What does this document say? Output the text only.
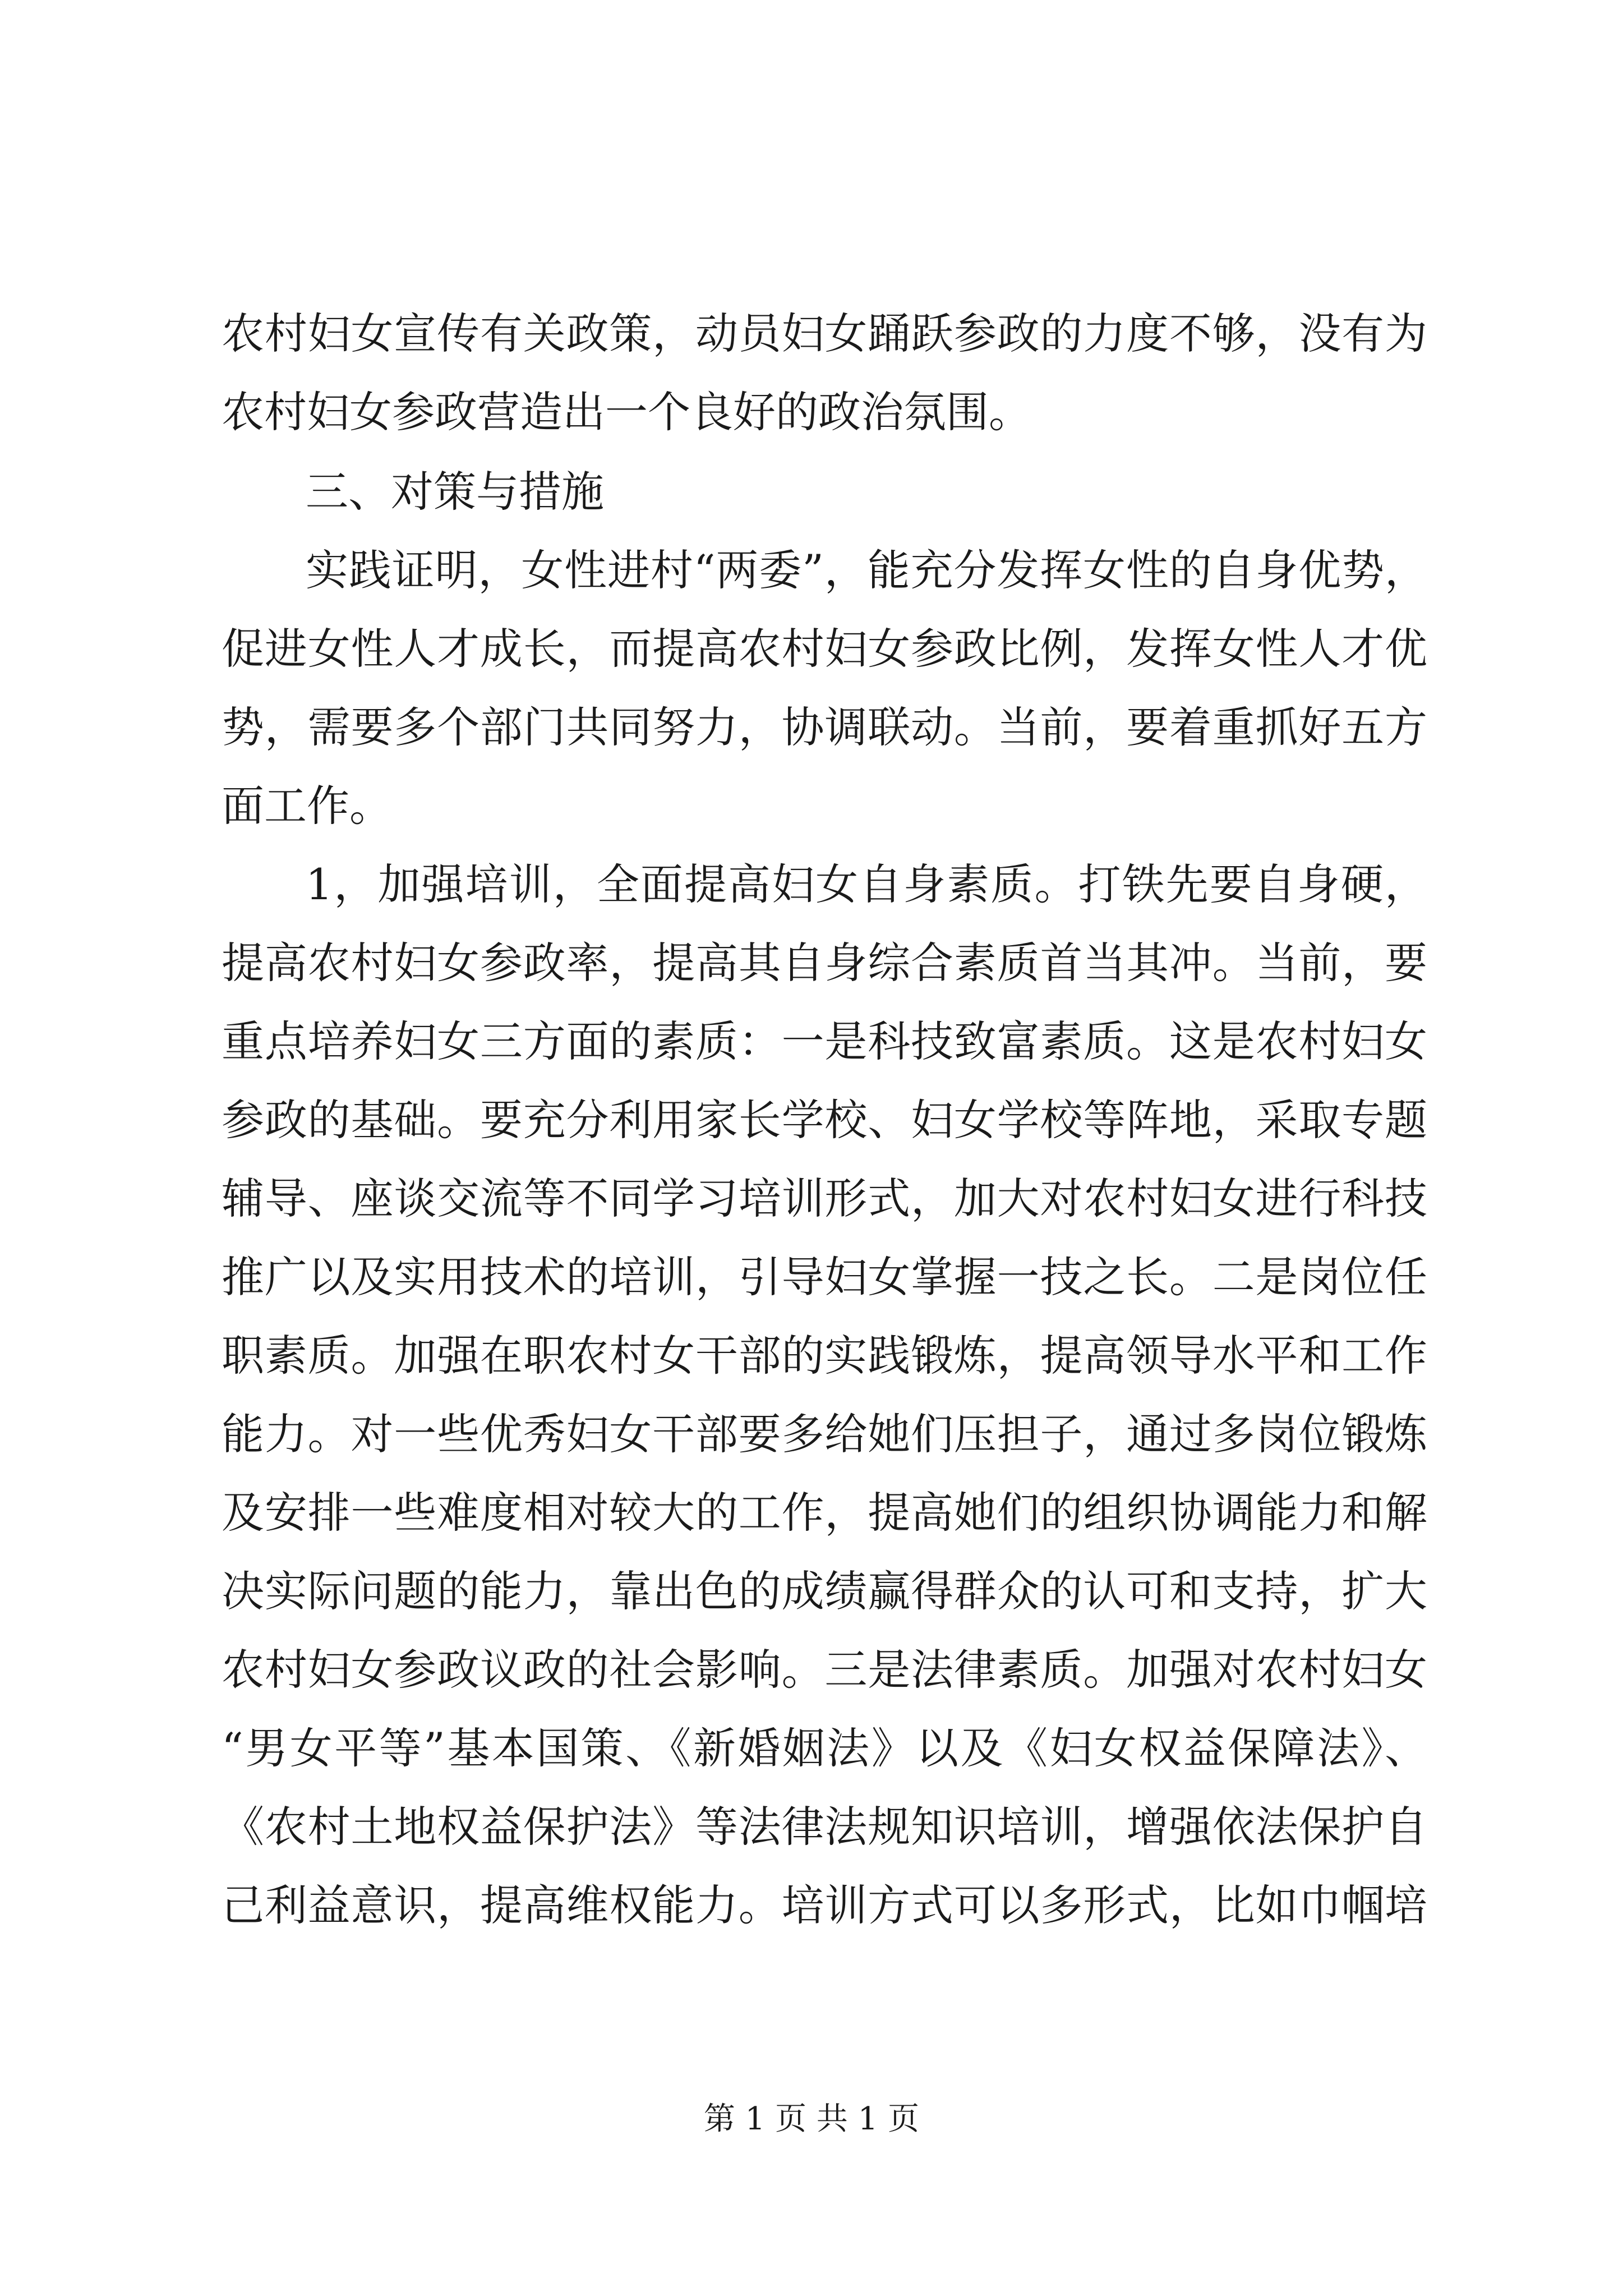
农村妇女宣传有关政策，动员妇女踊跃参政的力度不够，没有为
农村妇女参政营造出一个良好的政治氛围。
三、对策与措施
实践证明，女性进村“两委”，能充分发挥女性的自身优势，
促进女性人才成长，而提高农村妇女参政比例，发挥女性人才优
势，需要多个部门共同努力，协调联动。当前，要着重抓好五方
面工作。
1，加强培训，全面提高妇女自身素质。打铁先要自身硬，
提高农村妇女参政率，提高其自身综合素质首当其冲。当前，要
重点培养妇女三方面的素质：一是科技致富素质。这是农村妇女
参政的基础。要充分利用家长学校、妇女学校等阵地，采取专题
辅导、座谈交流等不同学习培训形式，加大对农村妇女进行科技
推广以及实用技术的培训，引导妇女掌握一技之长。二是岗位任
职素质。加强在职农村女干部的实践锻炼，提高领导水平和工作
能力。对一些优秀妇女干部要多给她们压担子，通过多岗位锻炼
及安排一些难度相对较大的工作，提高她们的组织协调能力和解
决实际问题的能力，靠出色的成绩赢得群众的认可和支持，扩大
农村妇女参政议政的社会影响。三是法律素质。加强对农村妇女
“男女平等”基本国策、《新婚姻法》以及《妇女权益保障法》、
《农村土地权益保护法》等法律法规知识培训，增强依法保护自
己利益意识，提高维权能力。培训方式可以多形式，比如巾帼培
第 1 页 共 1 页
